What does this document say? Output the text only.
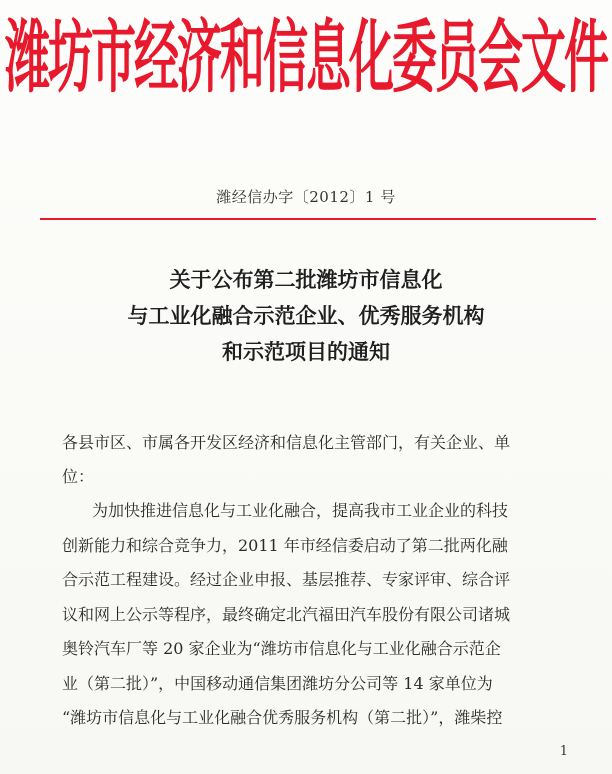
潍坊市经济和信息化委员会文件
潍经信办字〔2012〕1 号
关于公布第二批潍坊市信息化
与工业化融合示范企业、优秀服务机构
和示范项目的通知
各县市区、市属各开发区经济和信息化主管部门，有关企业、单
位：
为加快推进信息化与工业化融合，提高我市工业企业的科技
创新能力和综合竞争力，2011 年市经信委启动了第二批两化融
合示范工程建设。经过企业申报、基层推荐、专家评审、综合评
议和网上公示等程序，最终确定北汽福田汽车股份有限公司诸城
奥铃汽车厂等 20 家企业为“潍坊市信息化与工业化融合示范企
业（第二批）”，中国移动通信集团潍坊分公司等 14 家单位为
“潍坊市信息化与工业化融合优秀服务机构（第二批）”，潍柴控
1
